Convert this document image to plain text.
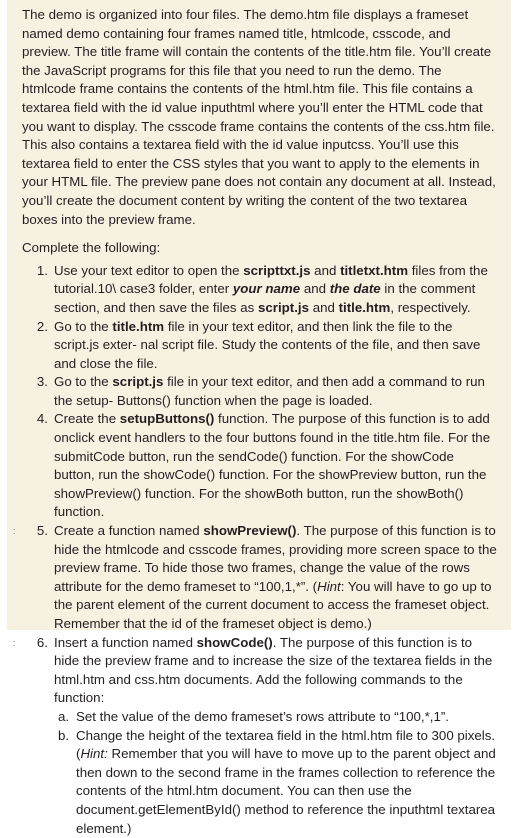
The demo is organized into four files. The demo.htm file displays a frameset named demo containing four frames named title, htmlcode, csscode, and preview. The title frame will contain the contents of the title.htm file. You’ll create the JavaScript programs for this file that you need to run the demo. The htmlcode frame contains the contents of the html.htm file. This file contains a textarea field with the id value inputhtml where you’ll enter the HTML code that you want to display. The csscode frame contains the contents of the css.htm file. This also contains a textarea field with the id value inputcss. You’ll use this textarea field to enter the CSS styles that you want to apply to the elements in your HTML file. The preview pane does not contain any document at all. Instead, you’ll create the document content by writing the content of the two textarea boxes into the preview frame.

Complete the following:

1. Use your text editor to open the scripttxt.js and titletxt.htm files from the tutorial.10\ case3 folder, enter your name and the date in the comment section, and then save the files as script.js and title.htm, respectively.
2. Go to the title.htm file in your text editor, and then link the file to the script.js exter- nal script file. Study the contents of the file, and then save and close the file.
3. Go to the script.js file in your text editor, and then add a command to run the setup- Buttons() function when the page is loaded.
4. Create the setupButtons() function. The purpose of this function is to add onclick event handlers to the four buttons found in the title.htm file. For the submitCode button, run the sendCode() function. For the showCode button, run the showCode() function. For the showPreview button, run the showPreview() function. For the showBoth button, run the showBoth() function.
:	5. Create a function named showPreview(). The purpose of this function is to hide the htmlcode and csscode frames, providing more screen space to the preview frame. To hide those two frames, change the value of the rows attribute for the demo frameset to “100,1,*”. (Hint: You will have to go up to the parent element of the current document to access the frameset object. Remember that the id of the frameset object is demo.)
:	6. Insert a function named showCode(). The purpose of this function is to hide the preview frame and to increase the size of the textarea fields in the html.htm and css.htm documents. Add the following commands to the function:
a. Set the value of the demo frameset’s rows attribute to “100,*,1”.
b. Change the height of the textarea field in the html.htm file to 300 pixels. (Hint: Remember that you will have to move up to the parent object and then down to the second frame in the frames collection to reference the contents of the html.htm document. You can then use the document.getElementById() method to reference the inputhtml textarea element.)
